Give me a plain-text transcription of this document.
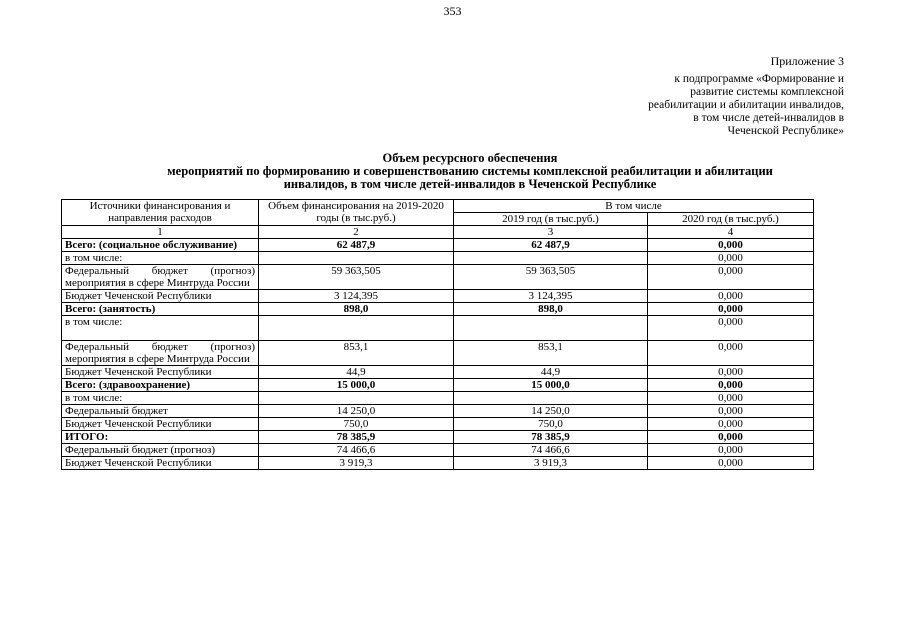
353
Приложение 3
к подпрограмме «Формирование и
развитие системы комплексной
реабилитации и абилитации инвалидов,
в том числе детей-инвалидов в
Чеченской Республике»
Объем ресурсного обеспечения
мероприятий по формированию и совершенствованию системы комплексной реабилитации и абилитации
инвалидов, в том числе детей-инвалидов в Чеченской Республике
Источники финансирования и направления расходов	Объем финансирования на 2019-2020 годы (в тыс.руб.)	В том числе	
		2019 год (в тыс.руб.)	2020 год (в тыс.руб.)
1	2	3	4
Всего: (социальное обслуживание)	62 487,9	62 487,9	0,000
в том числе:			0,000
Федеральный бюджет (прогноз) мероприятия в сфере Минтруда России	59 363,505	59 363,505	0,000
Бюджет Чеченской Республики	3 124,395	3 124,395	0,000
Всего: (занятость)	898,0	898,0	0,000
в том числе:			0,000
Федеральный бюджет (прогноз) мероприятия в сфере Минтруда России	853,1	853,1	0,000
Бюджет Чеченской Республики	44,9	44,9	0,000
Всего: (здравоохранение)	15 000,0	15 000,0	0,000
в том числе:			0,000
Федеральный бюджет	14 250,0	14 250,0	0,000
Бюджет Чеченской Республики	750,0	750,0	0,000
ИТОГО:	78 385,9	78 385,9	0,000
Федеральный бюджет (прогноз)	74 466,6	74 466,6	0,000
Бюджет Чеченской Республики	3 919,3	3 919,3	0,000
